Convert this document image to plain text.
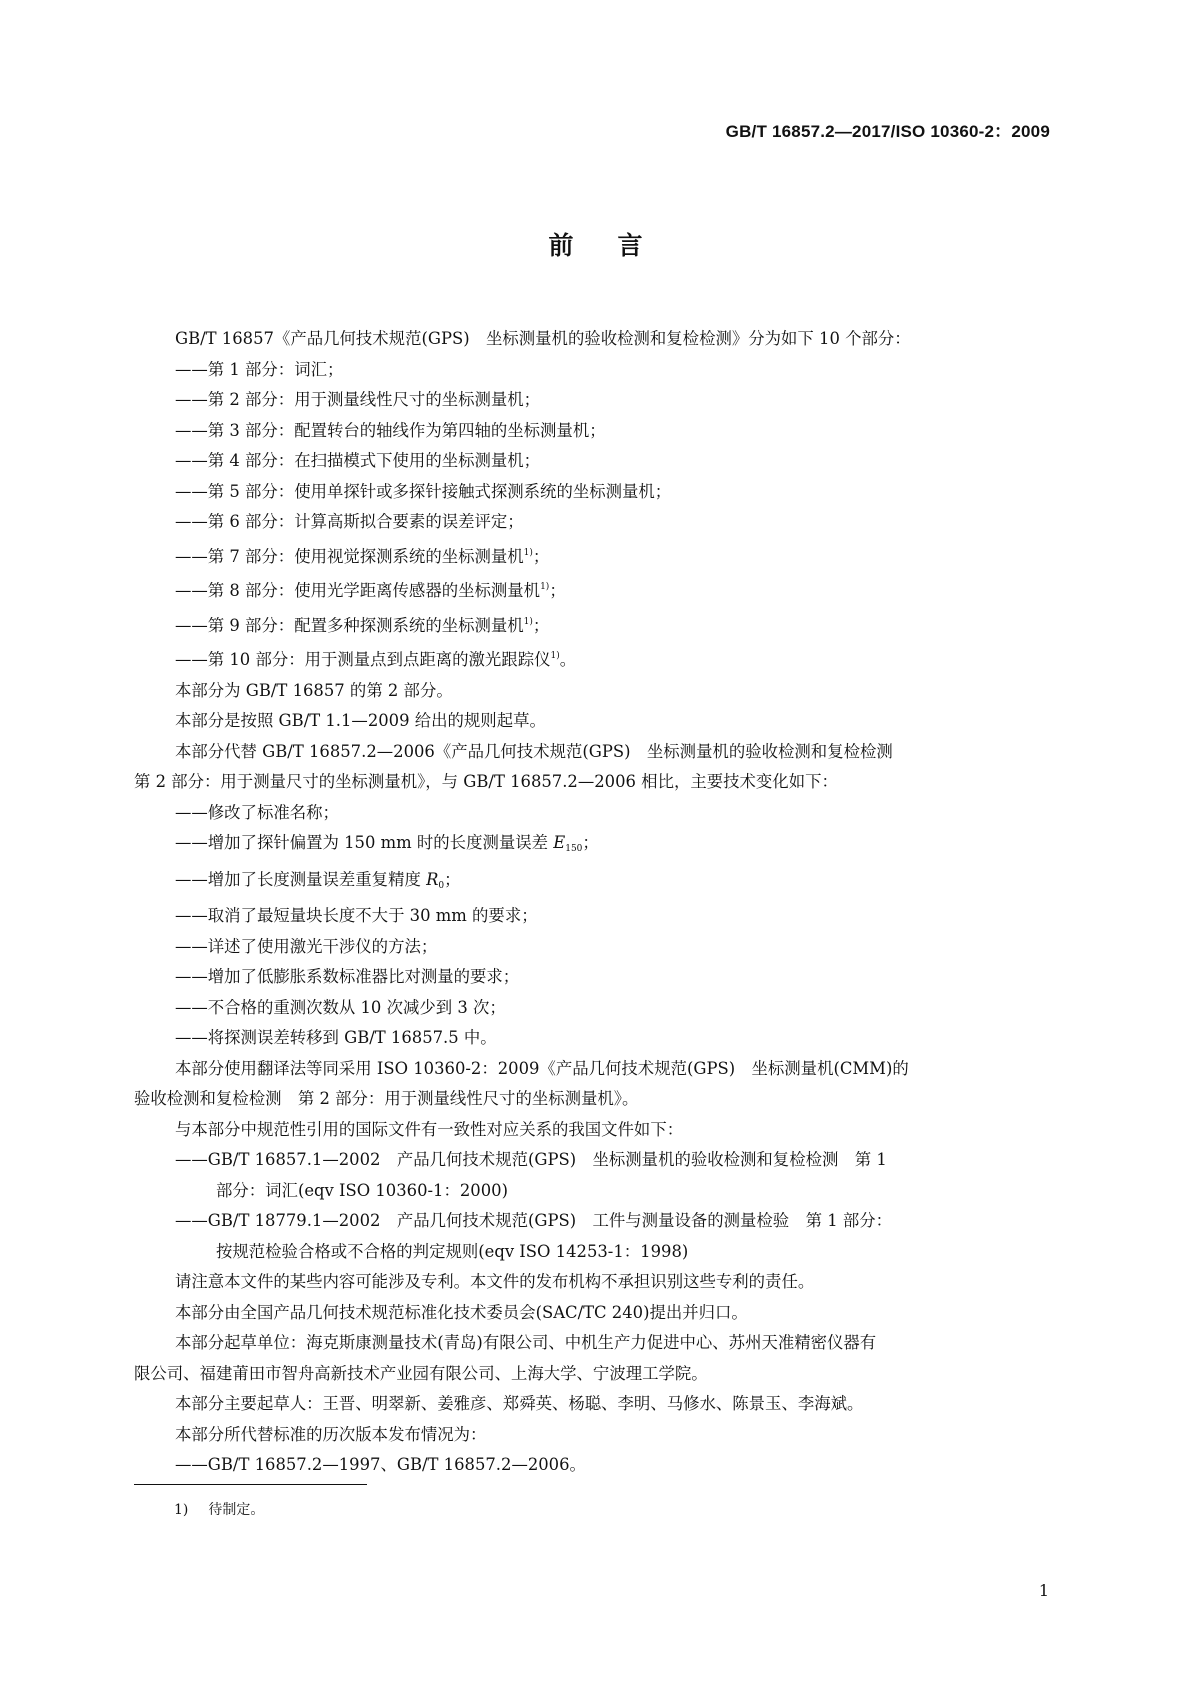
GB/T 16857.2—2017/ISO 10360-2：2009
前言
GB/T 16857《产品几何技术规范(GPS)　坐标测量机的验收检测和复检检测》分为如下 10 个部分：
——第 1 部分：词汇；
——第 2 部分：用于测量线性尺寸的坐标测量机；
——第 3 部分：配置转台的轴线作为第四轴的坐标测量机；
——第 4 部分：在扫描模式下使用的坐标测量机；
——第 5 部分：使用单探针或多探针接触式探测系统的坐标测量机；
——第 6 部分：计算高斯拟合要素的误差评定；
——第 7 部分：使用视觉探测系统的坐标测量机$^{1)}$；
——第 8 部分：使用光学距离传感器的坐标测量机$^{1)}$；
——第 9 部分：配置多种探测系统的坐标测量机$^{1)}$；
——第 10 部分：用于测量点到点距离的激光跟踪仪$^{1)}$。
本部分为 GB/T 16857 的第 2 部分。
本部分是按照 GB/T 1.1—2009 给出的规则起草。
本部分代替 GB/T 16857.2—2006《产品几何技术规范(GPS)　坐标测量机的验收检测和复检检测
第 2 部分：用于测量尺寸的坐标测量机》，与 GB/T 16857.2—2006 相比，主要技术变化如下：
——修改了标准名称；
——增加了探针偏置为 150 mm 时的长度测量误差 $E_{150}$；
——增加了长度测量误差重复精度 $R_0$；
——取消了最短量块长度不大于 30 mm 的要求；
——详述了使用激光干涉仪的方法；
——增加了低膨胀系数标准器比对测量的要求；
——不合格的重测次数从 10 次减少到 3 次；
——将探测误差转移到 GB/T 16857.5 中。
本部分使用翻译法等同采用 ISO 10360-2：2009《产品几何技术规范(GPS)　坐标测量机(CMM)的
验收检测和复检检测　第 2 部分：用于测量线性尺寸的坐标测量机》。
与本部分中规范性引用的国际文件有一致性对应关系的我国文件如下：
——GB/T 16857.1—2002　产品几何技术规范(GPS)　坐标测量机的验收检测和复检检测　第 1
部分：词汇(eqv ISO 10360-1：2000)
——GB/T 18779.1—2002　产品几何技术规范(GPS)　工件与测量设备的测量检验　第 1 部分：
按规范检验合格或不合格的判定规则(eqv ISO 14253-1：1998)
请注意本文件的某些内容可能涉及专利。本文件的发布机构不承担识别这些专利的责任。
本部分由全国产品几何技术规范标准化技术委员会(SAC/TC 240)提出并归口。
本部分起草单位：海克斯康测量技术(青岛)有限公司、中机生产力促进中心、苏州天准精密仪器有
限公司、福建莆田市智舟高新技术产业园有限公司、上海大学、宁波理工学院。
本部分主要起草人：王晋、明翠新、姜雅彦、郑舜英、杨聪、李明、马修水、陈景玉、李海斌。
本部分所代替标准的历次版本发布情况为：
——GB/T 16857.2—1997、GB/T 16857.2—2006。
1) 待制定。
1
